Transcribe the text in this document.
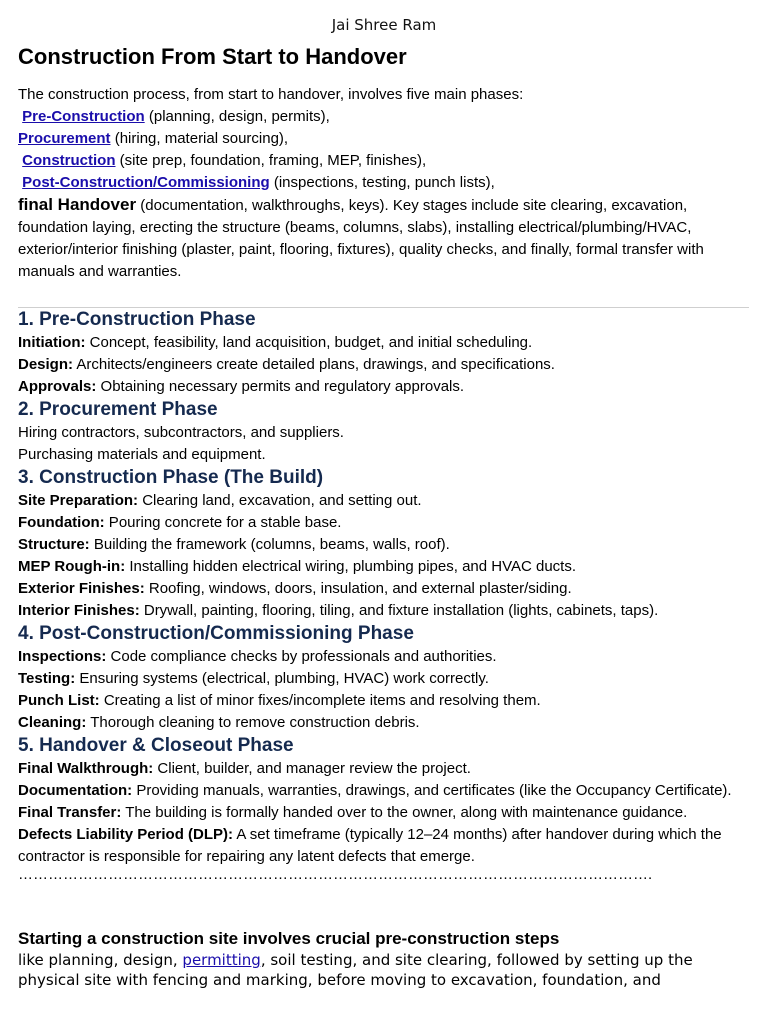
Jai Shree Ram
Construction From Start to Handover
The construction process, from start to handover, involves five main phases:
Pre-Construction (planning, design, permits),
Procurement (hiring, material sourcing),
Construction (site prep, foundation, framing, MEP, finishes),
Post-Construction/Commissioning (inspections, testing, punch lists),
final Handover (documentation, walkthroughs, keys). Key stages include site clearing, excavation, foundation laying, erecting the structure (beams, columns, slabs), installing electrical/plumbing/HVAC, exterior/interior finishing (plaster, paint, flooring, fixtures), quality checks, and finally, formal transfer with manuals and warranties.
1. Pre-Construction Phase

Initiation: Concept, feasibility, land acquisition, budget, and initial scheduling.

Design: Architects/engineers create detailed plans, drawings, and specifications.

Approvals: Obtaining necessary permits and regulatory approvals.

2. Procurement Phase

Hiring contractors, subcontractors, and suppliers.

Purchasing materials and equipment.

3. Construction Phase (The Build)

Site Preparation: Clearing land, excavation, and setting out.

Foundation: Pouring concrete for a stable base.

Structure: Building the framework (columns, beams, walls, roof).

MEP Rough-in: Installing hidden electrical wiring, plumbing pipes, and HVAC ducts.

Exterior Finishes: Roofing, windows, doors, insulation, and external plaster/siding.

Interior Finishes: Drywall, painting, flooring, tiling, and fixture installation (lights, cabinets, taps).

4. Post-Construction/Commissioning Phase

Inspections: Code compliance checks by professionals and authorities.

Testing: Ensuring systems (electrical, plumbing, HVAC) work correctly.

Punch List: Creating a list of minor fixes/incomplete items and resolving them.

Cleaning: Thorough cleaning to remove construction debris.

5. Handover & Closeout Phase

Final Walkthrough: Client, builder, and manager review the project.

Documentation: Providing manuals, warranties, drawings, and certificates (like the Occupancy Certificate).

Final Transfer: The building is formally handed over to the owner, along with maintenance guidance.

Defects Liability Period (DLP): A set timeframe (typically 12–24 months) after handover during which the contractor is responsible for repairing any latent defects that emerge.

……………………………………………………………………………………………………………….

Starting a construction site involves crucial pre-construction steps

like planning, design, permitting, soil testing, and site clearing, followed by setting up the physical site with fencing and marking, before moving to excavation, foundation, and
